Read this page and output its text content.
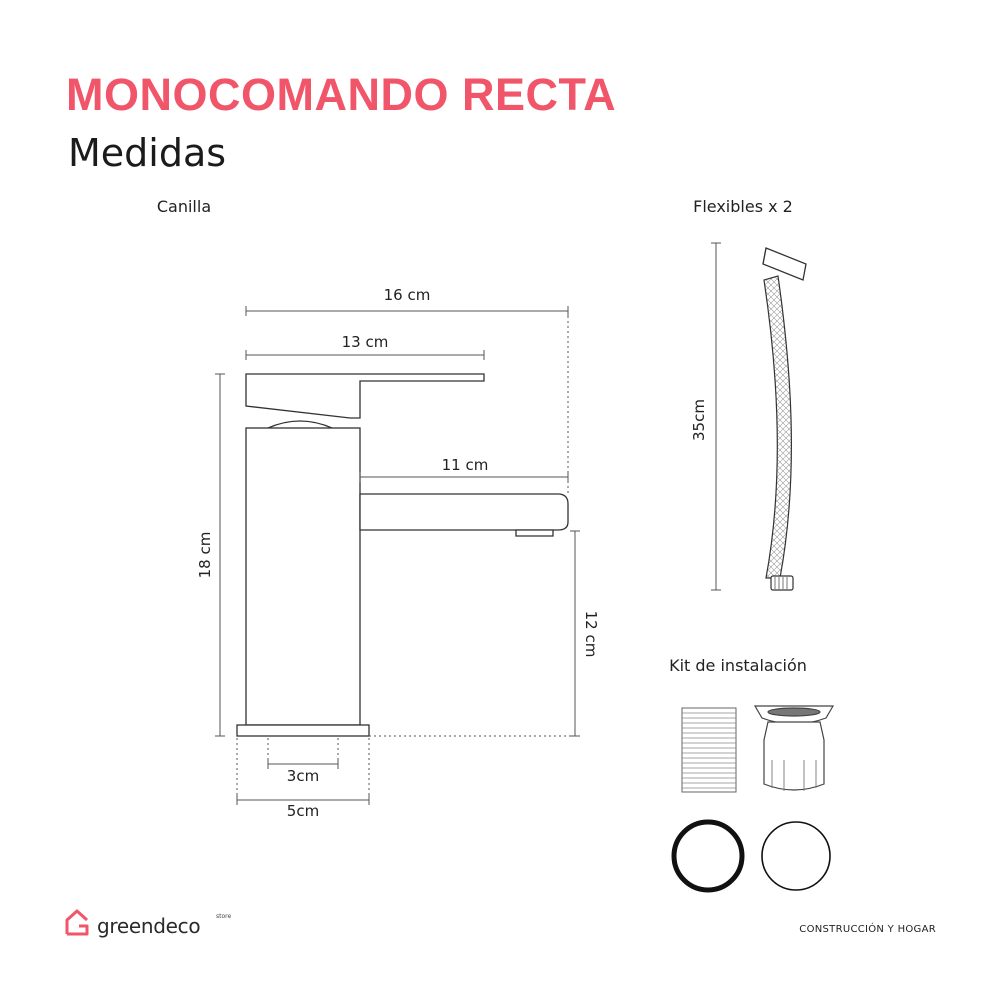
MONOCOMANDO RECTA
Medidas
Canilla	Flexibles x 2
Kit de instalación
16 cm
13 cm
11 cm
18 cm
12 cm
3cm
5cm
35cm
greendeco	store
CONSTRUCCIÓN Y HOGAR
